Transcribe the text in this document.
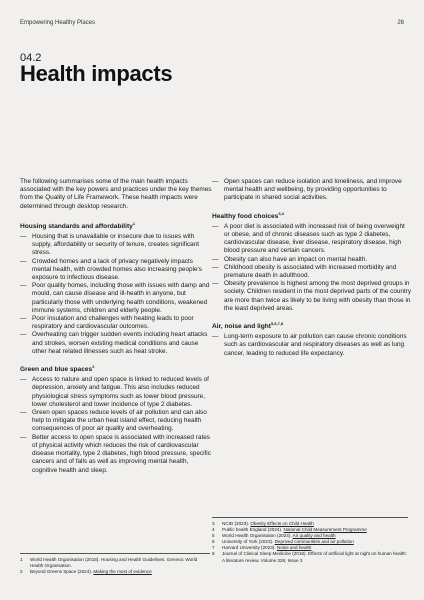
Empowering Healthy Places	26
04.2
Health impacts

The following summarises some of the main health impacts associated with the key powers and practices under the key themes from the Quality of Life Framework. These health impacts were determined through desktop research.

Housing standards and affordability$^1$
— Housing that is unavailable or insecure due to issues with supply, affordability or security of tenure, creates significant stress.
— Crowded homes and a lack of privacy negatively impacts mental health, with crowded homes also increasing people's exposure to infectious disease.
— Poor quality homes, including those with issues with damp and mould, can cause disease and ill-health in anyone, but particularly those with underlying health conditions, weakened immune systems, children and elderly people.
— Poor insulation and challenges with heating leads to poor respiratory and cardiovascular outcomes.
— Overheating can trigger sudden events including heart attacks and strokes, worsen existing medical conditions and cause other heat related illnesses such as heat stroke.
Green and blue spaces$^2$
— Access to nature and open space is linked to reduced levels of depression, anxiety and fatigue. This also includes reduced physiological stress symptoms such as lower blood pressure, lower cholesterol and lower incidence of type 2 diabetes.
— Green open spaces reduce levels of air pollution and can also help to mitigate the urban heat island effect, reducing health consequences of poor air quality and overheating.
— Better access to open space is associated with increased rates of physical activity which reduces the risk of cardiovascular disease mortality, type 2 diabetes, high blood pressure, specific cancers and of falls as well as improving mental health, cognitive health and sleep.
— Open spaces can reduce isolation and loneliness, and improve mental health and wellbeing, by providing opportunities to participate in shared social activities.
Healthy food choices$^{3,4}$
— A poor diet is associated with increased risk of being overweight or obese, and of chronic diseases such as type 2 diabetes, cardiovascular disease, liver disease, respiratory disease, high blood pressure and certain cancers.
— Obesity can also have an impact on mental health.
— Childhood obesity is associated with increased morbidity and premature death in adulthood.
— Obesity prevalence is highest among the most deprived groups in society. Children resident in the most deprived parts of the country are more than twice as likely to be living with obesity than those in the least deprived areas.
Air, noise and light$^{5,6,7,8}$
— Long-term exposure to air pollution can cause chronic conditions such as cardiovascular and respiratory diseases as well as lung cancer, leading to reduced life expectancy.
1	World Health Organisation (2018). Housing and Health Guidelines. Geneva: World Health Organisation.
2	Beyond Greens Space (2024). Making the most of evidence
3	NCID (2023). Obesity Effects on Child Health
4	Public health England (2024). National Child Measurement Programme
5	World Health Organisation (2024). Air quality and health
6	University of York (2023). Deprived communities and air pollution
7	Harvard University (2023). Noise and health
8	Journal of Clinical Sleep Medicine (2018). Effects of artificial light at night on human health: A literature review. Volume 328, Issue 3
